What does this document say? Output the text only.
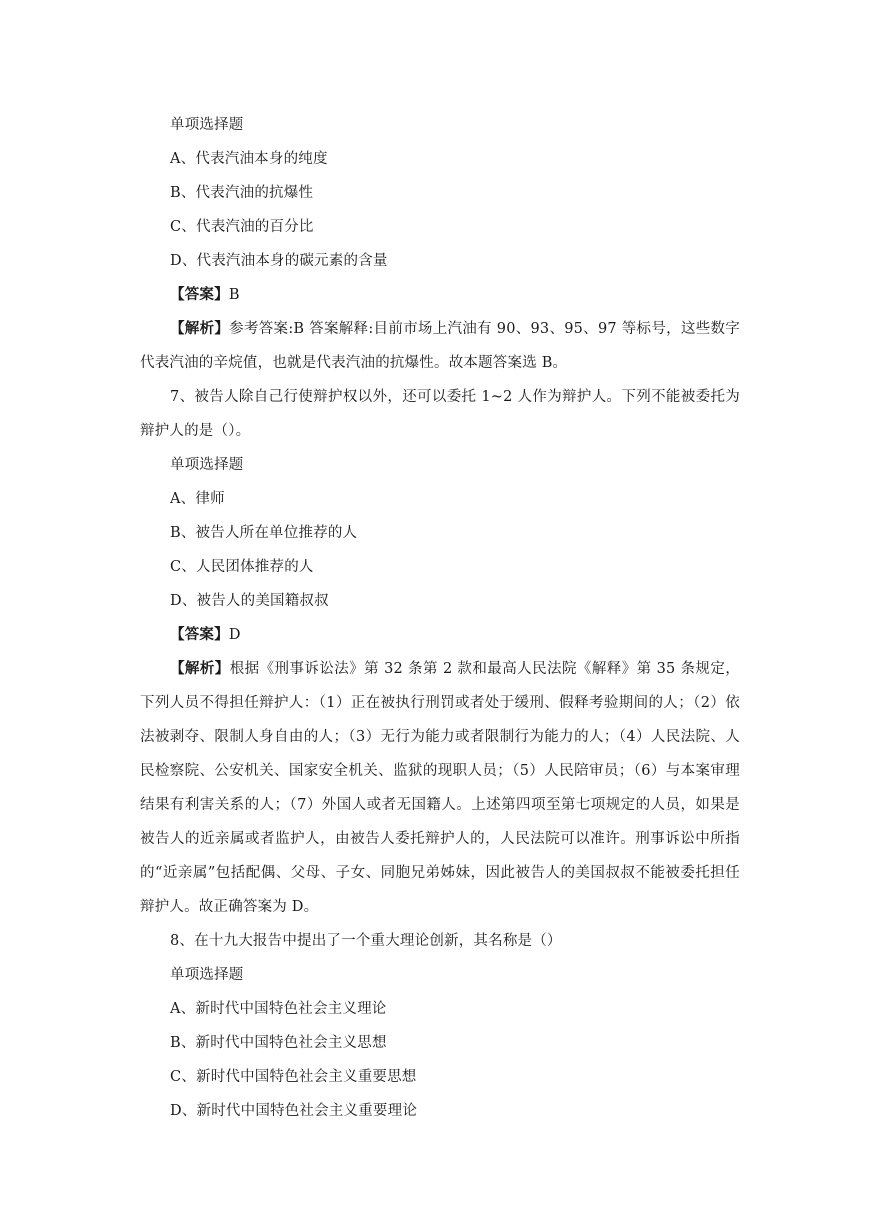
单项选择题
A、代表汽油本身的纯度
B、代表汽油的抗爆性
C、代表汽油的百分比
D、代表汽油本身的碳元素的含量
【答案】B
【解析】参考答案:B 答案解释:目前市场上汽油有 90、93、95、97 等标号，这些数字代表汽油的辛烷值，也就是代表汽油的抗爆性。故本题答案选 B。
7、被告人除自己行使辩护权以外，还可以委托 1~2 人作为辩护人。下列不能被委托为辩护人的是（）。
单项选择题
A、律师
B、被告人所在单位推荐的人
C、人民团体推荐的人
D、被告人的美国籍叔叔
【答案】D
【解析】根据《刑事诉讼法》第 32 条第 2 款和最高人民法院《解释》第 35 条规定，下列人员不得担任辩护人：（1）正在被执行刑罚或者处于缓刑、假释考验期间的人；（2）依法被剥夺、限制人身自由的人；（3）无行为能力或者限制行为能力的人；（4）人民法院、人民检察院、公安机关、国家安全机关、监狱的现职人员；（5）人民陪审员；（6）与本案审理结果有利害关系的人；（7）外国人或者无国籍人。上述第四项至第七项规定的人员，如果是被告人的近亲属或者监护人，由被告人委托辩护人的，人民法院可以准许。刑事诉讼中所指的“近亲属”包括配偶、父母、子女、同胞兄弟姊妹，因此被告人的美国叔叔不能被委托担任辩护人。故正确答案为 D。
8、在十九大报告中提出了一个重大理论创新，其名称是（）
单项选择题
A、新时代中国特色社会主义理论
B、新时代中国特色社会主义思想
C、新时代中国特色社会主义重要思想
D、新时代中国特色社会主义重要理论
